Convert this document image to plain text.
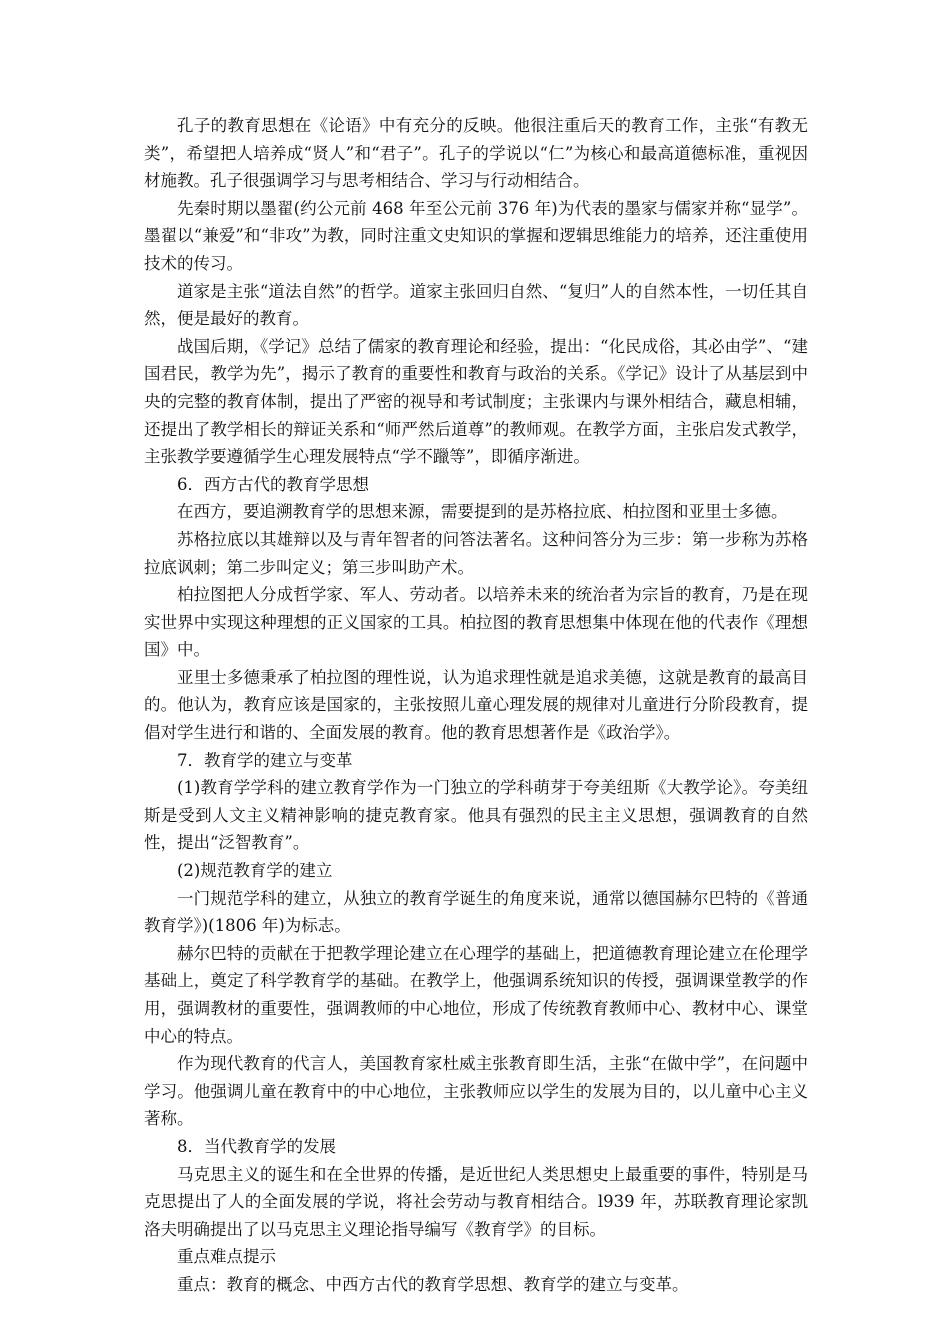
孔子的教育思想在《论语》中有充分的反映。他很注重后天的教育工作，主张“有教无类”，希望把人培养成“贤人”和“君子”。孔子的学说以“仁”为核心和最高道德标准，重视因材施教。孔子很强调学习与思考相结合、学习与行动相结合。

先秦时期以墨翟(约公元前 468 年至公元前 376 年)为代表的墨家与儒家并称“显学”。墨翟以“兼爱”和“非攻”为教，同时注重文史知识的掌握和逻辑思维能力的培养，还注重使用技术的传习。

道家是主张“道法自然”的哲学。道家主张回归自然、“复归”人的自然本性，一切任其自然，便是最好的教育。

战国后期，《学记》总结了儒家的教育理论和经验，提出：“化民成俗，其必由学”、“建国君民，教学为先”，揭示了教育的重要性和教育与政治的关系。《学记》设计了从基层到中央的完整的教育体制，提出了严密的视导和考试制度；主张课内与课外相结合，藏息相辅，还提出了教学相长的辩证关系和“师严然后道尊”的教师观。在教学方面，主张启发式教学，主张教学要遵循学生心理发展特点“学不躐等”，即循序渐进。

6．西方古代的教育学思想

在西方，要追溯教育学的思想来源，需要提到的是苏格拉底、柏拉图和亚里士多德。

苏格拉底以其雄辩以及与青年智者的问答法著名。这种问答分为三步：第一步称为苏格拉底讽刺；第二步叫定义；第三步叫助产术。

柏拉图把人分成哲学家、军人、劳动者。以培养未来的统治者为宗旨的教育，乃是在现实世界中实现这种理想的正义国家的工具。柏拉图的教育思想集中体现在他的代表作《理想国》中。

亚里士多德秉承了柏拉图的理性说，认为追求理性就是追求美德，这就是教育的最高目的。他认为，教育应该是国家的，主张按照儿童心理发展的规律对儿童进行分阶段教育，提倡对学生进行和谐的、全面发展的教育。他的教育思想著作是《政治学》。

7．教育学的建立与变革

(1)教育学学科的建立教育学作为一门独立的学科萌芽于夸美纽斯《大教学论》。夸美纽斯是受到人文主义精神影响的捷克教育家。他具有强烈的民主主义思想，强调教育的自然性，提出“泛智教育”。

(2)规范教育学的建立

一门规范学科的建立，从独立的教育学诞生的角度来说，通常以德国赫尔巴特的《普通教育学》)(1806 年)为标志。

赫尔巴特的贡献在于把教学理论建立在心理学的基础上，把道德教育理论建立在伦理学基础上，奠定了科学教育学的基础。在教学上，他强调系统知识的传授，强调课堂教学的作用，强调教材的重要性，强调教师的中心地位，形成了传统教育教师中心、教材中心、课堂中心的特点。

作为现代教育的代言人，美国教育家杜威主张教育即生活，主张“在做中学”，在问题中学习。他强调儿童在教育中的中心地位，主张教师应以学生的发展为目的，以儿童中心主义著称。

8．当代教育学的发展

马克思主义的诞生和在全世界的传播，是近世纪人类思想史上最重要的事件，特别是马克思提出了人的全面发展的学说，将社会劳动与教育相结合。l939 年，苏联教育理论家凯洛夫明确提出了以马克思主义理论指导编写《教育学》的目标。

重点难点提示

重点：教育的概念、中西方古代的教育学思想、教育学的建立与变革。
